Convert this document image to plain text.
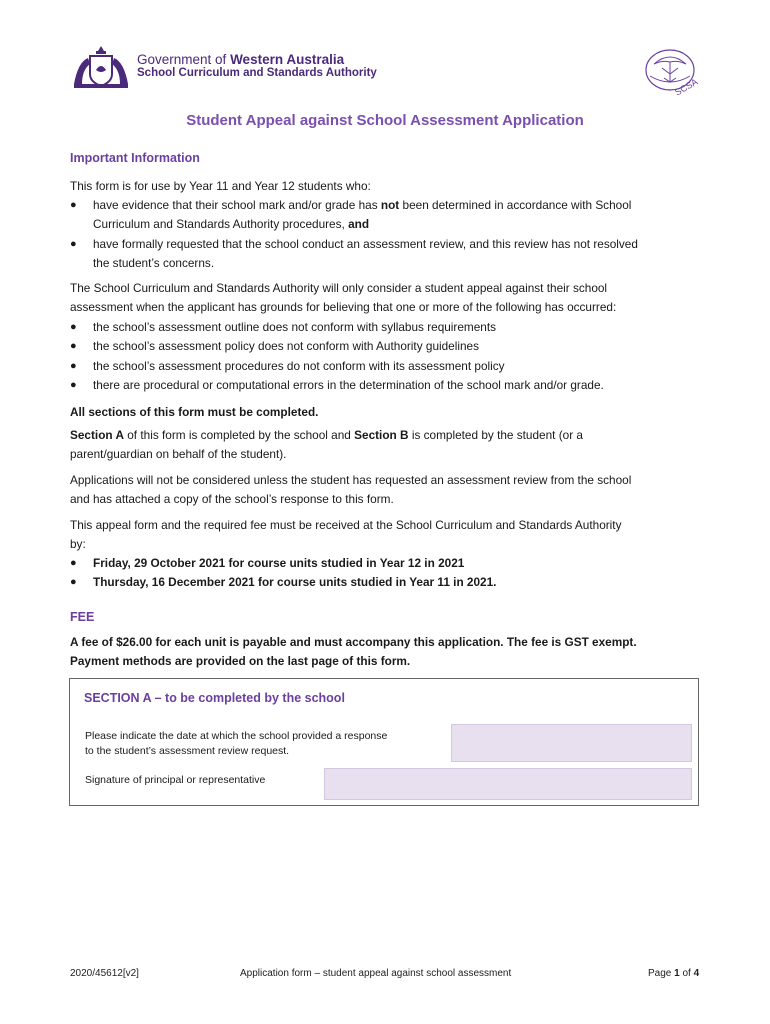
Government of Western Australia
School Curriculum and Standards Authority
SCSA
Student Appeal against School Assessment Application
Important Information
This form is for use by Year 11 and Year 12 students who:
● have evidence that their school mark and/or grade has not been determined in accordance with School
Curriculum and Standards Authority procedures, and
● have formally requested that the school conduct an assessment review, and this review has not resolved
the student’s concerns.
The School Curriculum and Standards Authority will only consider a student appeal against their school
assessment when the applicant has grounds for believing that one or more of the following has occurred:
● the school’s assessment outline does not conform with syllabus requirements
● the school’s assessment policy does not conform with Authority guidelines
● the school’s assessment procedures do not conform with its assessment policy
● there are procedural or computational errors in the determination of the school mark and/or grade.
All sections of this form must be completed.
Section A of this form is completed by the school and Section B is completed by the student (or a
parent/guardian on behalf of the student).
Applications will not be considered unless the student has requested an assessment review from the school
and has attached a copy of the school’s response to this form.
This appeal form and the required fee must be received at the School Curriculum and Standards Authority
by:
● Friday, 29 October 2021 for course units studied in Year 12 in 2021
● Thursday, 16 December 2021 for course units studied in Year 11 in 2021.
FEE
A fee of $26.00 for each unit is payable and must accompany this application. The fee is GST exempt.
Payment methods are provided on the last page of this form.
SECTION A – to be completed by the school
Please indicate the date at which the school provided a response
to the student’s assessment review request.
Signature of principal or representative
2020/45612[v2]	Application form – student appeal against school assessment	Page 1 of 4
